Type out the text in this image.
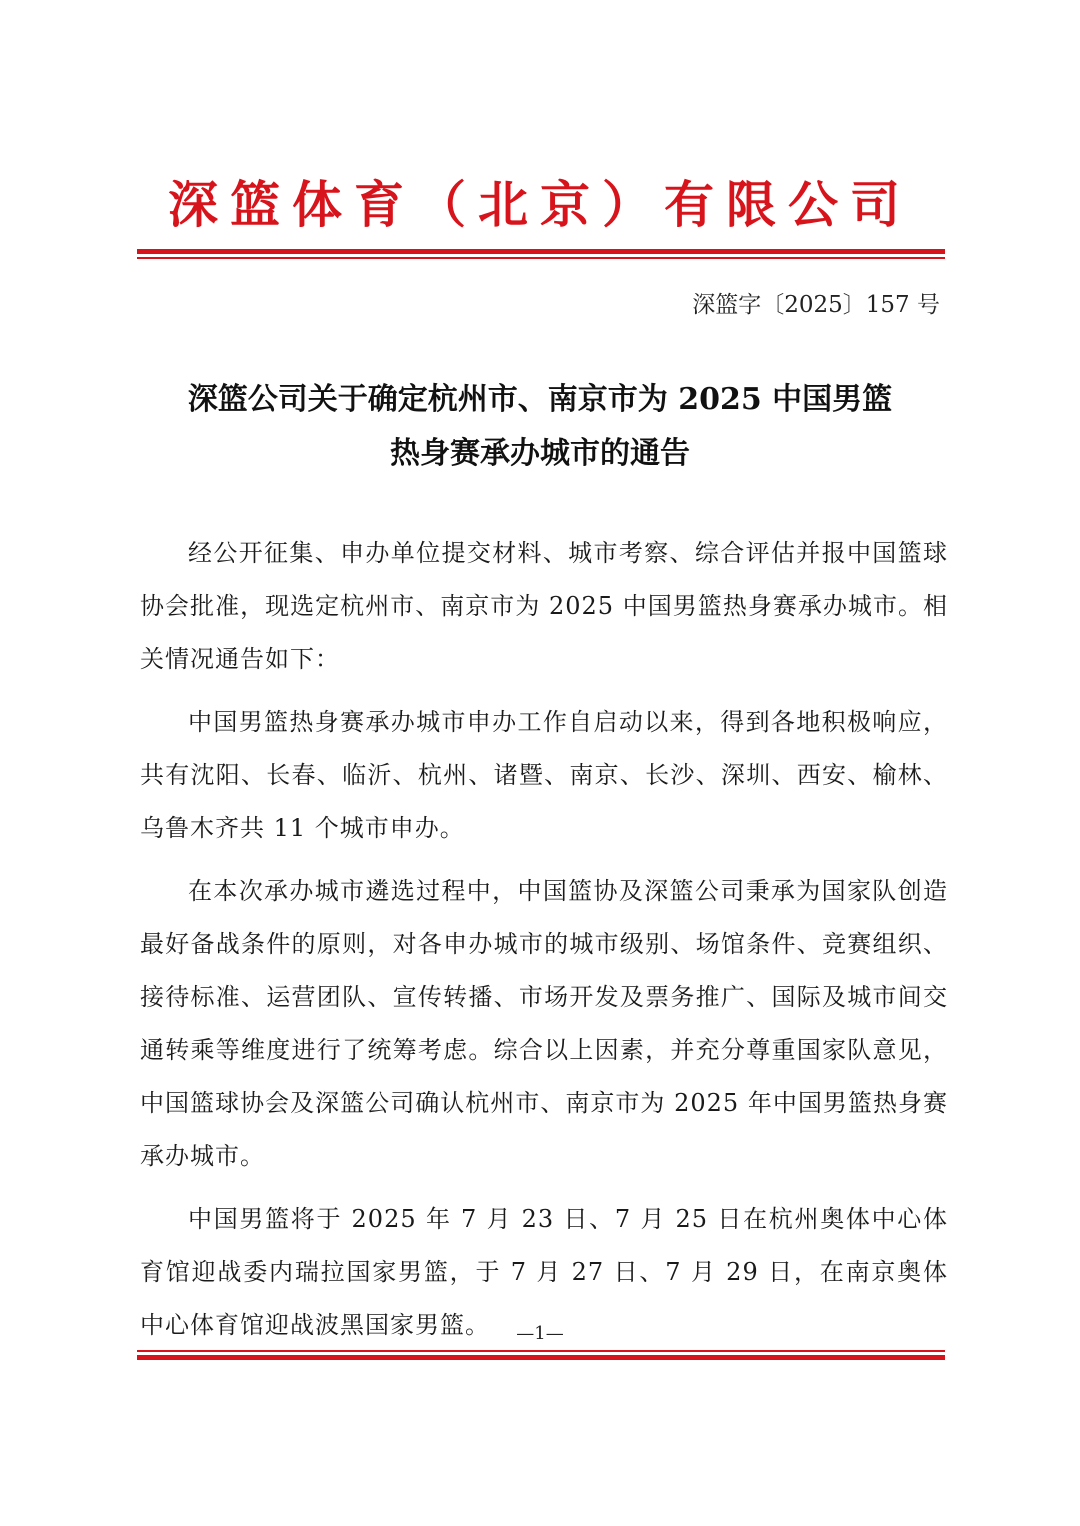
深篮体育（北京）有限公司
深篮字〔2025〕157 号
深篮公司关于确定杭州市、南京市为 2025 中国男篮
热身赛承办城市的通告

经公开征集、申办单位提交材料、城市考察、综合评估并报中国篮球协会批准，现选定杭州市、南京市为 2025 中国男篮热身赛承办城市。相关情况通告如下：

中国男篮热身赛承办城市申办工作自启动以来，得到各地积极响应，共有沈阳、长春、临沂、杭州、诸暨、南京、长沙、深圳、西安、榆林、乌鲁木齐共 11 个城市申办。

在本次承办城市遴选过程中，中国篮协及深篮公司秉承为国家队创造最好备战条件的原则，对各申办城市的城市级别、场馆条件、竞赛组织、接待标准、运营团队、宣传转播、市场开发及票务推广、国际及城市间交通转乘等维度进行了统筹考虑。综合以上因素，并充分尊重国家队意见，中国篮球协会及深篮公司确认杭州市、南京市为 2025 年中国男篮热身赛承办城市。

中国男篮将于 2025 年 7 月 23 日、7 月 25 日在杭州奥体中心体育馆迎战委内瑞拉国家男篮，于 7 月 27 日、7 月 29 日，在南京奥体中心体育馆迎战波黑国家男篮。	—1—
